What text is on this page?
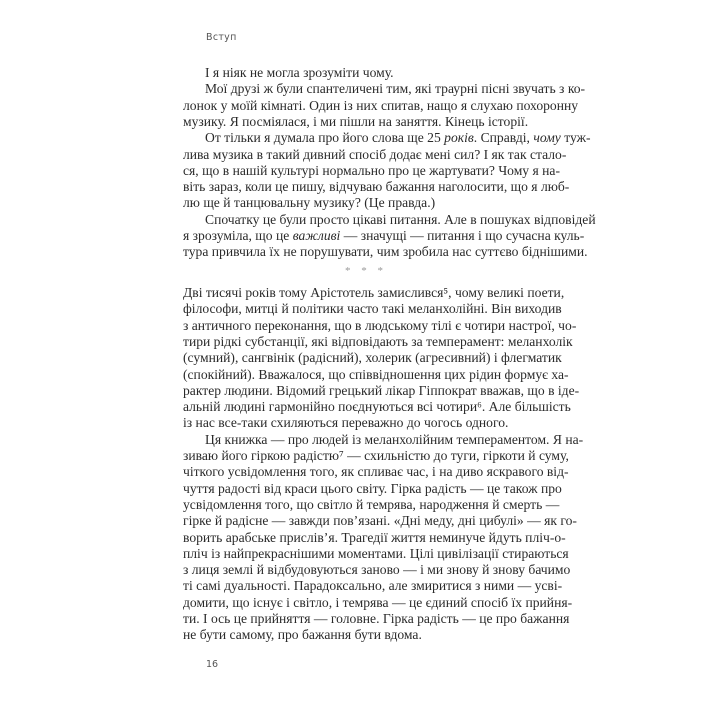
Вступ
І я ніяк не могла зрозуміти чому.
Мої друзі ж були спантеличені тим, які траурні пісні звучать з ко-
лонок у моїй кімнаті. Один із них спитав, нащо я слухаю похоронну
музику. Я посміялася, і ми пішли на заняття. Кінець історії.
От тільки я думала про його слова ще 25 років. Справді, чому туж-
лива музика в такий дивний спосіб додає мені сил? І як так стало-
ся, що в нашій культурі нормально про це жартувати? Чому я на-
віть зараз, коли це пишу, відчуваю бажання наголосити, що я люб-
лю ще й танцювальну музику? (Це правда.)
Спочатку це були просто цікаві питання. Але в пошуках відповідей
я зрозуміла, що це важливі — значущі — питання і що сучасна куль-
тура привчила їх не порушувати, чим зробила нас суттєво біднішими.
* * *
Дві тисячі років тому Арістотель замислився⁵, чому великі поети,
філософи, митці й політики часто такі меланхолійні. Він виходив
з античного переконання, що в людському тілі є чотири настрої, чо-
тири рідкі субстанції, які відповідають за темперамент: меланхолік
(сумний), сангвінік (радісний), холерик (агресивний) і флегматик
(спокійний). Вважалося, що співвідношення цих рідин формує ха-
рактер людини. Відомий грецький лікар Гіппократ вважав, що в іде-
альній людині гармонійно поєднуються всі чотири⁶. Але більшість
із нас все-таки схиляються переважно до чогось одного.
Ця книжка — про людей із меланхолійним темпераментом. Я на-
зиваю його гіркою радістю⁷ — схильністю до туги, гіркоти й суму,
чіткого усвідомлення того, як спливає час, і на диво яскравого від-
чуття радості від краси цього світу. Гірка радість — це також про
усвідомлення того, що світло й темрява, народження й смерть —
гірке й радісне — завжди пов’язані. «Дні меду, дні цибулі» — як го-
ворить арабське прислів’я. Трагедії життя неминуче йдуть пліч-о-
пліч із найпрекраснішими моментами. Цілі цивілізації стираються
з лиця землі й відбудовуються заново — і ми знову й знову бачимо
ті самі дуальності. Парадоксально, але змиритися з ними — усві-
домити, що існує і світло, і темрява — це єдиний спосіб їх прийня-
ти. І ось це прийняття — головне. Гірка радість — це про бажання
не бути самому, про бажання бути вдома.
16
